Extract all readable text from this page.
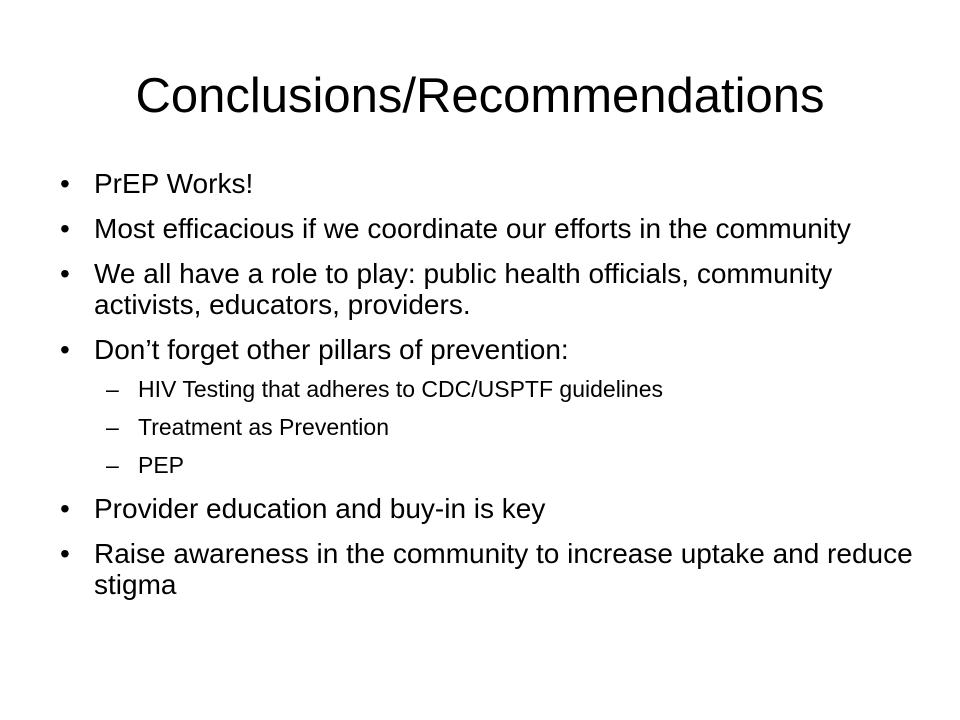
Conclusions/Recommendations
• PrEP Works!
• Most efficacious if we coordinate our efforts in the community
• We all have a role to play: public health officials, community activists, educators, providers.
• Don’t forget other pillars of prevention:
– HIV Testing that adheres to CDC/USPTF guidelines
– Treatment as Prevention
– PEP
• Provider education and buy-in is key
• Raise awareness in the community to increase uptake and reduce stigma
